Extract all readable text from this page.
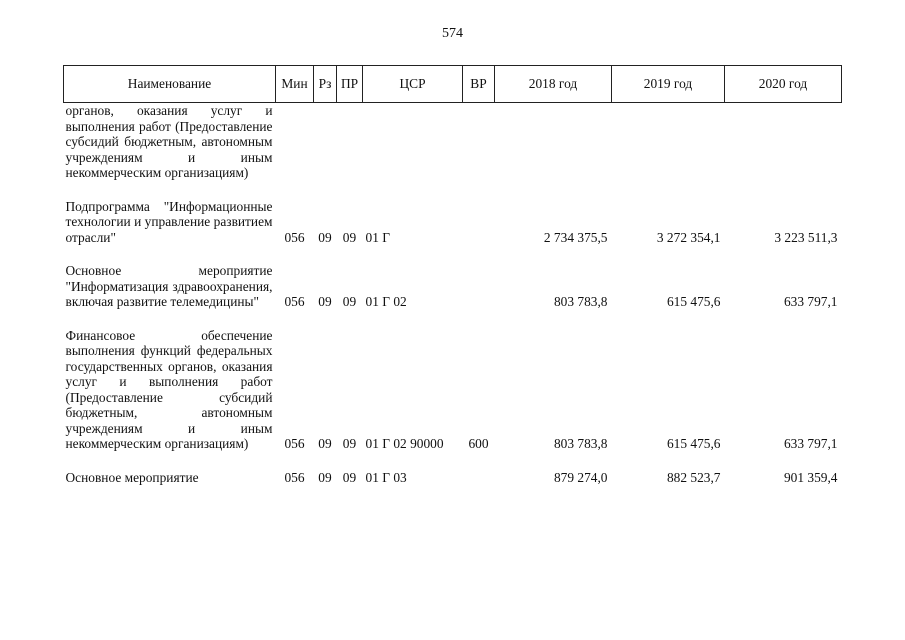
574
Наименование	Мин	Рз	ПР	ЦСР	ВР	2018 год	2019 год	2020 год
органов, оказания услуг и выполнения работ (Предоставление субсидий бюджетным, автономным учреждениям и иным некоммерческим организациям)								

Подпрограмма "Информационные технологии и управление развитием отрасли"	056	09	09	01 Г		2 734 375,5	3 272 354,1	3 223 511,3

Основное мероприятие "Информатизация здравоохранения, включая развитие телемедицины"	056	09	09	01 Г 02		803 783,8	615 475,6	633 797,1

Финансовое обеспечение выполнения функций федеральных государственных органов, оказания услуг и выполнения работ (Предоставление субсидий бюджетным, автономным учреждениям и иным некоммерческим организациям)	056	09	09	01 Г 02 90000	600	803 783,8	615 475,6	633 797,1

Основное мероприятие	056	09	09	01 Г 03		879 274,0	882 523,7	901 359,4
